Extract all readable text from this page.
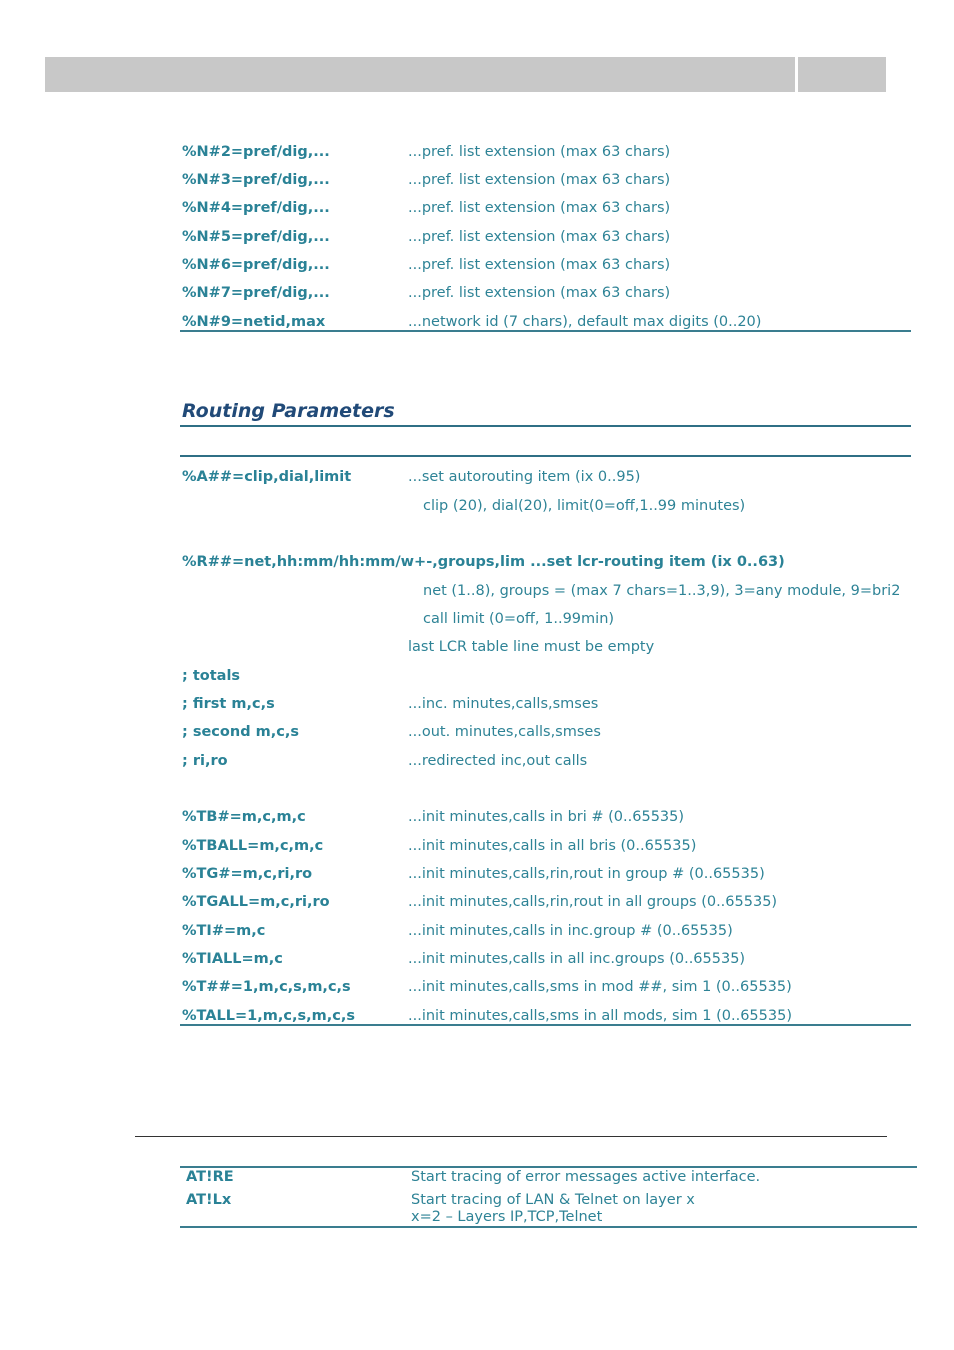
%N#2=pref/dig,...	...pref. list extension (max 63 chars)
%N#3=pref/dig,...	...pref. list extension (max 63 chars)
%N#4=pref/dig,...	...pref. list extension (max 63 chars)
%N#5=pref/dig,...	...pref. list extension (max 63 chars)
%N#6=pref/dig,...	...pref. list extension (max 63 chars)
%N#7=pref/dig,...	...pref. list extension (max 63 chars)
%N#9=netid,max	...network id (7 chars), default max digits (0..20)
Routing Parameters
%A##=clip,dial,limit	...set autorouting item (ix 0..95)
clip (20), dial(20), limit(0=off,1..99 minutes)
%R##=net,hh:mm/hh:mm/w+-,groups,lim ...set lcr-routing item (ix 0..63)
net (1..8), groups = (max 7 chars=1..3,9), 3=any module, 9=bri2
call limit (0=off, 1..99min)
last LCR table line must be empty
; totals
; first m,c,s	...inc. minutes,calls,smses
; second m,c,s	...out. minutes,calls,smses
; ri,ro	...redirected inc,out calls
%TB#=m,c,m,c	...init minutes,calls in bri # (0..65535)
%TBALL=m,c,m,c	...init minutes,calls in all bris (0..65535)
%TG#=m,c,ri,ro	...init minutes,calls,rin,rout in group # (0..65535)
%TGALL=m,c,ri,ro	...init minutes,calls,rin,rout in all groups (0..65535)
%TI#=m,c	...init minutes,calls in inc.group # (0..65535)
%TIALL=m,c	...init minutes,calls in all inc.groups (0..65535)
%T##=1,m,c,s,m,c,s	...init minutes,calls,sms in mod ##, sim 1 (0..65535)
%TALL=1,m,c,s,m,c,s	...init minutes,calls,sms in all mods, sim 1 (0..65535)
AT!RE	Start tracing of error messages active interface.
AT!Lx	Start tracing of LAN & Telnet on layer x
x=2 – Layers IP,TCP,Telnet
